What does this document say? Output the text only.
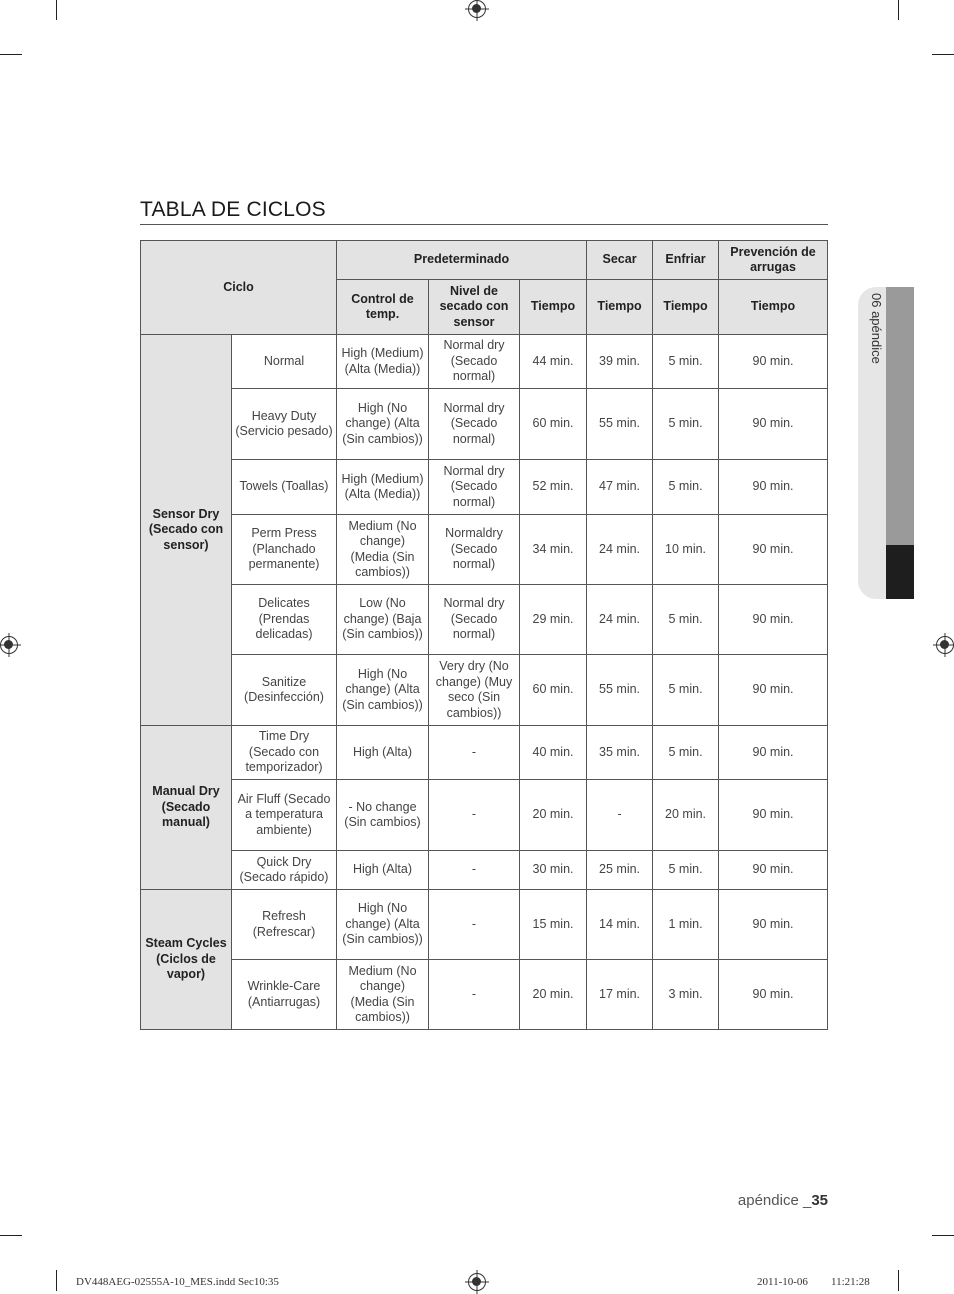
TABLA DE CICLOS
06 apéndice
Ciclo		Predeterminado			Secar	Enfriar	Prevención de arrugas
		Control de temp.	Nivel de secado con sensor	Tiempo	Tiempo	Tiempo	Tiempo
Sensor Dry (Secado con sensor)	Normal	High (Medium) (Alta (Media))	Normal dry (Secado normal)	44 min.	39 min.	5 min.	90 min.
	Heavy Duty (Servicio pesado)	High (No change) (Alta (Sin cambios))	Normal dry (Secado normal)	60 min.	55 min.	5 min.	90 min.
	Towels (Toallas)	High (Medium) (Alta (Media))	Normal dry (Secado normal)	52 min.	47 min.	5 min.	90 min.
	Perm Press (Planchado permanente)	Medium (No change) (Media (Sin cambios))	Normaldry (Secado normal)	34 min.	24 min.	10 min.	90 min.
	Delicates (Prendas delicadas)	Low (No change) (Baja (Sin cambios))	Normal dry (Secado normal)	29 min.	24 min.	5 min.	90 min.
	Sanitize (Desinfección)	High (No change) (Alta (Sin cambios))	Very dry (No change) (Muy seco (Sin cambios))	60 min.	55 min.	5 min.	90 min.
Manual Dry (Secado manual)	Time Dry (Secado con temporizador)	High (Alta)	-	40 min.	35 min.	5 min.	90 min.
	Air Fluff (Secado a temperatura ambiente)	- No change (Sin cambios)	-	20 min.	-	20 min.	90 min.
	Quick Dry (Secado rápido)	High (Alta)	-	30 min.	25 min.	5 min.	90 min.
Steam Cycles (Ciclos de vapor)	Refresh (Refrescar)	High (No change) (Alta (Sin cambios))	-	15 min.	14 min.	1 min.	90 min.
	Wrinkle-Care (Antiarrugas)	Medium (No change) (Media (Sin cambios))	-	20 min.	17 min.	3 min.	90 min.
apéndice _35
DV448AEG-02555A-10_MES.indd Sec10:35	2011-10-06 11:21:28
